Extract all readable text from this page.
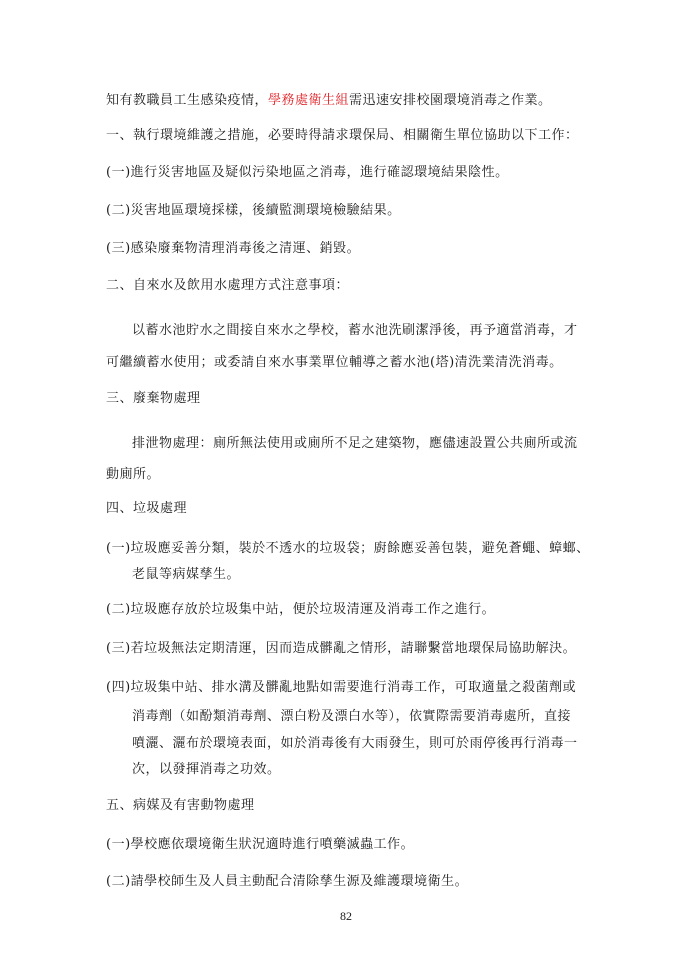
知有教職員工生感染疫情，學務處衛生組需迅速安排校園環境消毒之作業。
一、執行環境維護之措施，必要時得請求環保局、相關衛生單位協助以下工作：
(一)進行災害地區及疑似污染地區之消毒，進行確認環境結果陰性。
(二)災害地區環境採樣，後續監測環境檢驗結果。
(三)感染廢棄物清理消毒後之清運、銷毀。
二、自來水及飲用水處理方式注意事項：
以蓄水池貯水之間接自來水之學校，蓄水池洗刷潔淨後，再予適當消毒，才
可繼續蓄水使用；或委請自來水事業單位輔導之蓄水池(塔)清洗業清洗消毒。
三、廢棄物處理
排泄物處理：廁所無法使用或廁所不足之建築物，應儘速設置公共廁所或流
動廁所。
四、垃圾處理
(一)垃圾應妥善分類，裝於不透水的垃圾袋；廚餘應妥善包裝，避免蒼蠅、蟑螂、
老鼠等病媒孳生。
(二)垃圾應存放於垃圾集中站，便於垃圾清運及消毒工作之進行。
(三)若垃圾無法定期清運，因而造成髒亂之情形，請聯繫當地環保局協助解決。
(四)垃圾集中站、排水溝及髒亂地點如需要進行消毒工作，可取適量之殺菌劑或
消毒劑（如酚類消毒劑、漂白粉及漂白水等），依實際需要消毒處所，直接
噴灑、灑布於環境表面，如於消毒後有大雨發生，則可於雨停後再行消毒一
次，以發揮消毒之功效。
五、病媒及有害動物處理
(一)學校應依環境衛生狀況適時進行噴藥滅蟲工作。
(二)請學校師生及人員主動配合清除孳生源及維護環境衛生。
82
